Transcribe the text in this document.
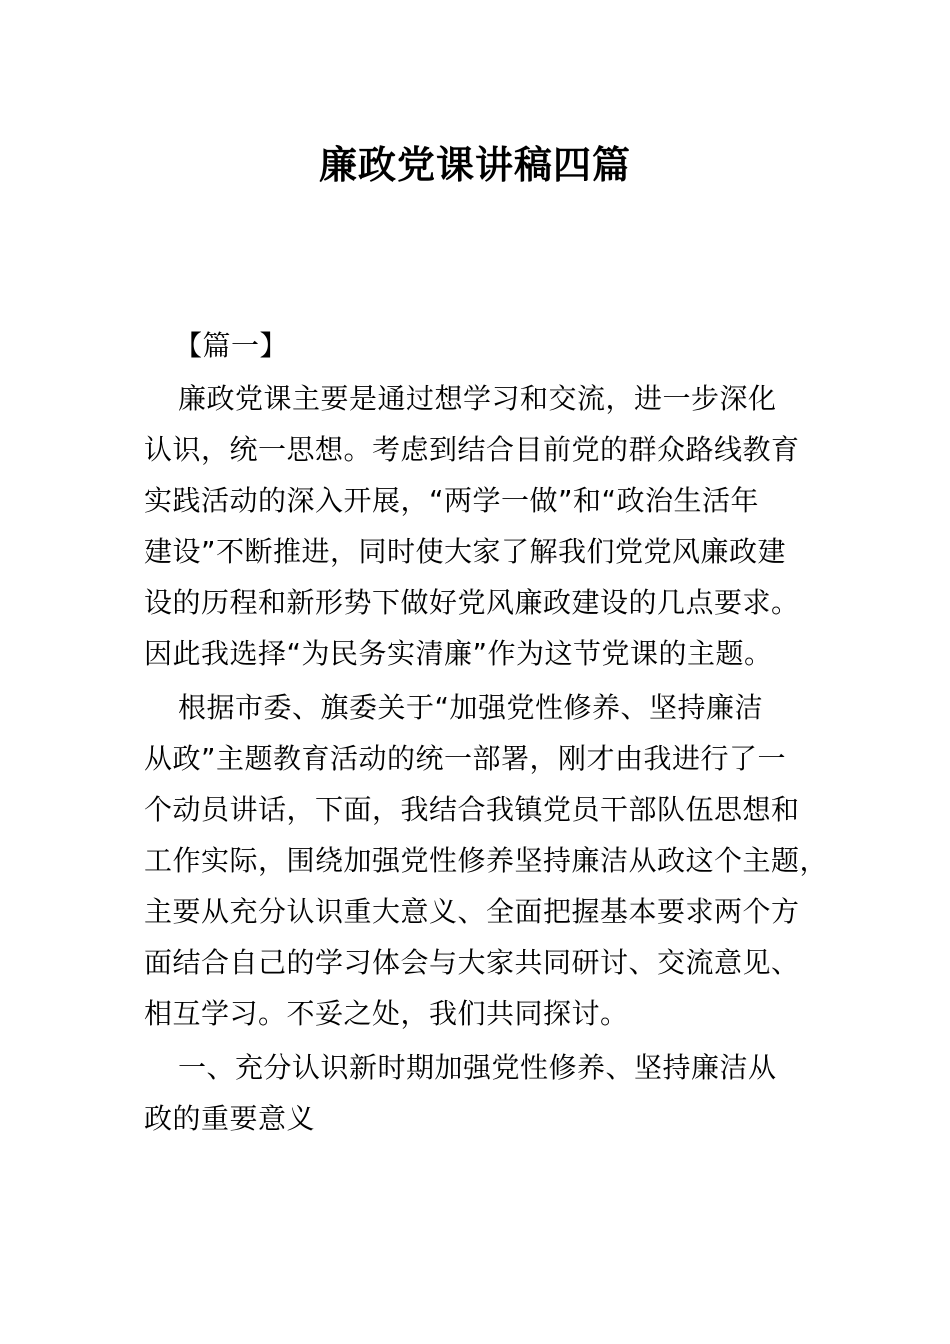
廉政党课讲稿四篇
【篇一】
廉政党课主要是通过想学习和交流，进一步深化
认识，统一思想。考虑到结合目前党的群众路线教育
实践活动的深入开展，“两学一做”和“政治生活年
建设”不断推进，同时使大家了解我们党党风廉政建
设的历程和新形势下做好党风廉政建设的几点要求。
因此我选择“为民务实清廉”作为这节党课的主题。
根据市委、旗委关于“加强党性修养、坚持廉洁
从政”主题教育活动的统一部署，刚才由我进行了一
个动员讲话，下面，我结合我镇党员干部队伍思想和
工作实际，围绕加强党性修养坚持廉洁从政这个主题，
主要从充分认识重大意义、全面把握基本要求两个方
面结合自己的学习体会与大家共同研讨、交流意见、
相互学习。不妥之处，我们共同探讨。
一、充分认识新时期加强党性修养、坚持廉洁从
政的重要意义
